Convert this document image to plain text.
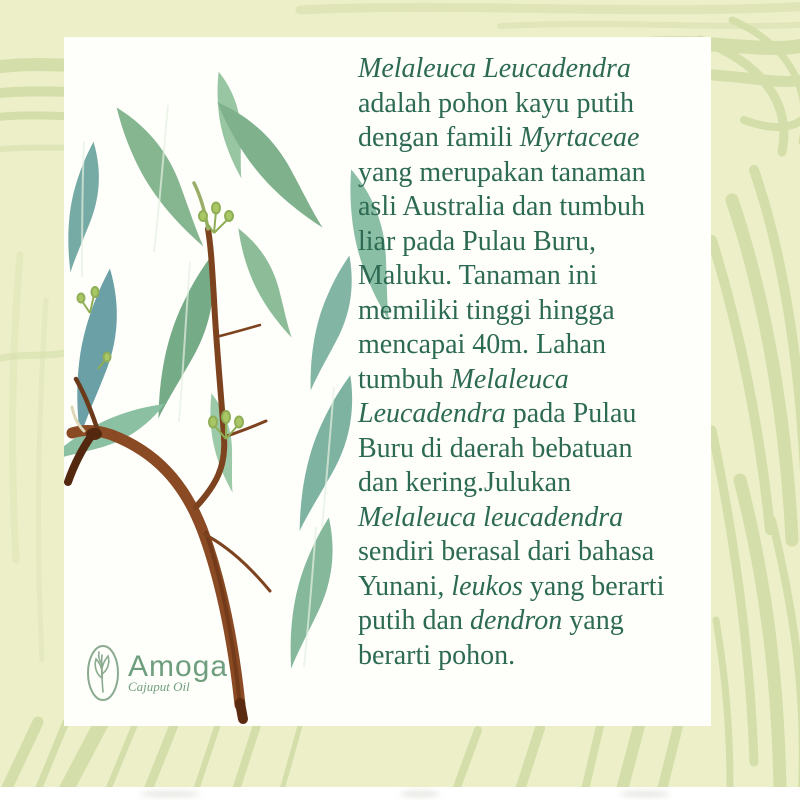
Melaleuca Leucadendra
adalah pohon kayu putih
dengan famili Myrtaceae
yang merupakan tanaman
asli Australia dan tumbuh
liar pada Pulau Buru,
Maluku. Tanaman ini
memiliki tinggi hingga
mencapai 40m. Lahan
tumbuh Melaleuca
Leucadendra pada Pulau
Buru di daerah bebatuan
dan kering.Julukan
Melaleuca leucadendra
sendiri berasal dari bahasa
Yunani, leukos yang berarti
putih dan dendron yang
berarti pohon.
Amoga
Cajuput Oil
